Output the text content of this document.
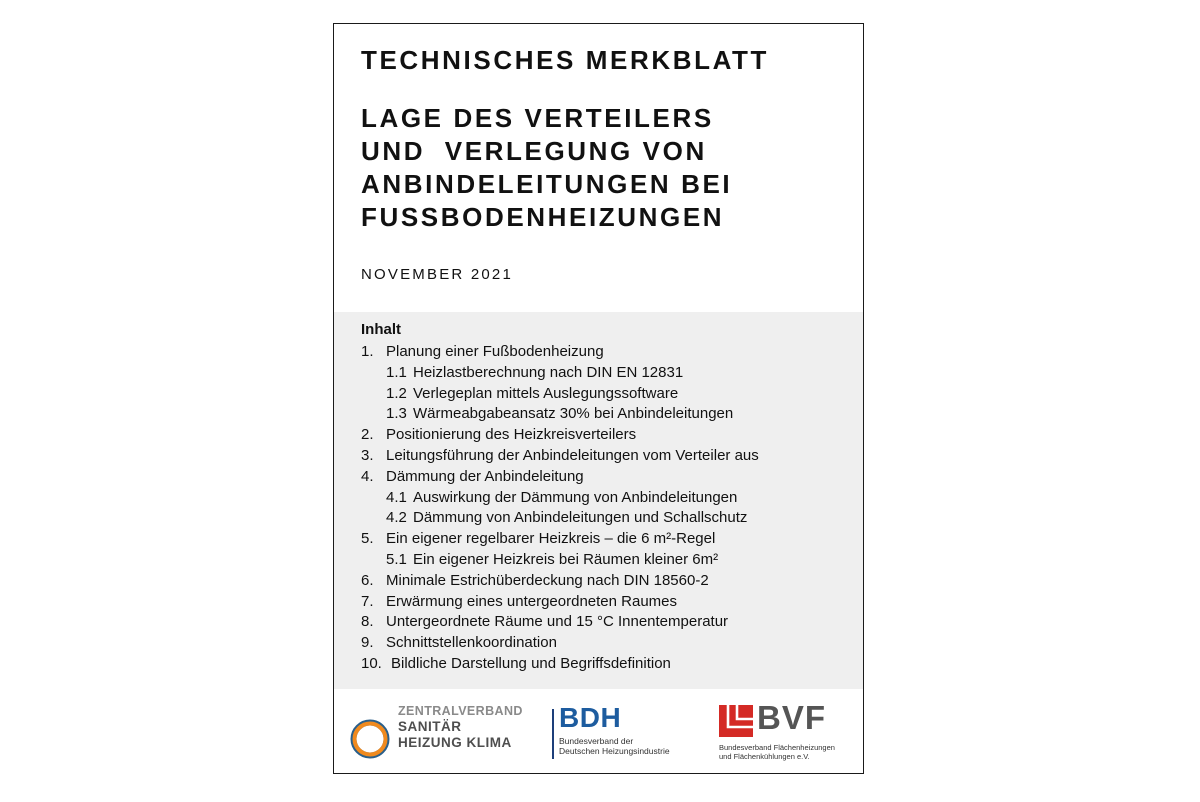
TECHNISCHES MERKBLATT
LAGE DES VERTEILERS
UND  VERLEGUNG VON
ANBINDELEITUNGEN BEI
FUSSBODENHEIZUNGEN
NOVEMBER 2021
Inhalt
1. Planung einer Fußbodenheizung
1.1 Heizlastberechnung nach DIN EN 12831
1.2 Verlegeplan mittels Auslegungssoftware
1.3 Wärmeabgabeansatz 30% bei Anbindeleitungen
2. Positionierung des Heizkreisverteilers
3. Leitungsführung der Anbindeleitungen vom Verteiler aus
4. Dämmung der Anbindeleitung
4.1 Auswirkung der Dämmung von Anbindeleitungen
4.2 Dämmung von Anbindeleitungen und Schallschutz
5. Ein eigener regelbarer Heizkreis – die 6 m²-Regel
5.1 Ein eigener Heizkreis bei Räumen kleiner 6m²
6. Minimale Estrichüberdeckung nach DIN 18560-2
7. Erwärmung eines untergeordneten Raumes
8. Untergeordnete Räume und 15 °C Innentemperatur
9. Schnittstellenkoordination
10. Bildliche Darstellung und Begriffsdefinition
ZENTRALVERBAND
SANITÄR
HEIZUNG KLIMA
BDH
Bundesverband der
Deutschen Heizungsindustrie
BVF
Bundesverband Flächenheizungen
und Flächenkühlungen e.V.
